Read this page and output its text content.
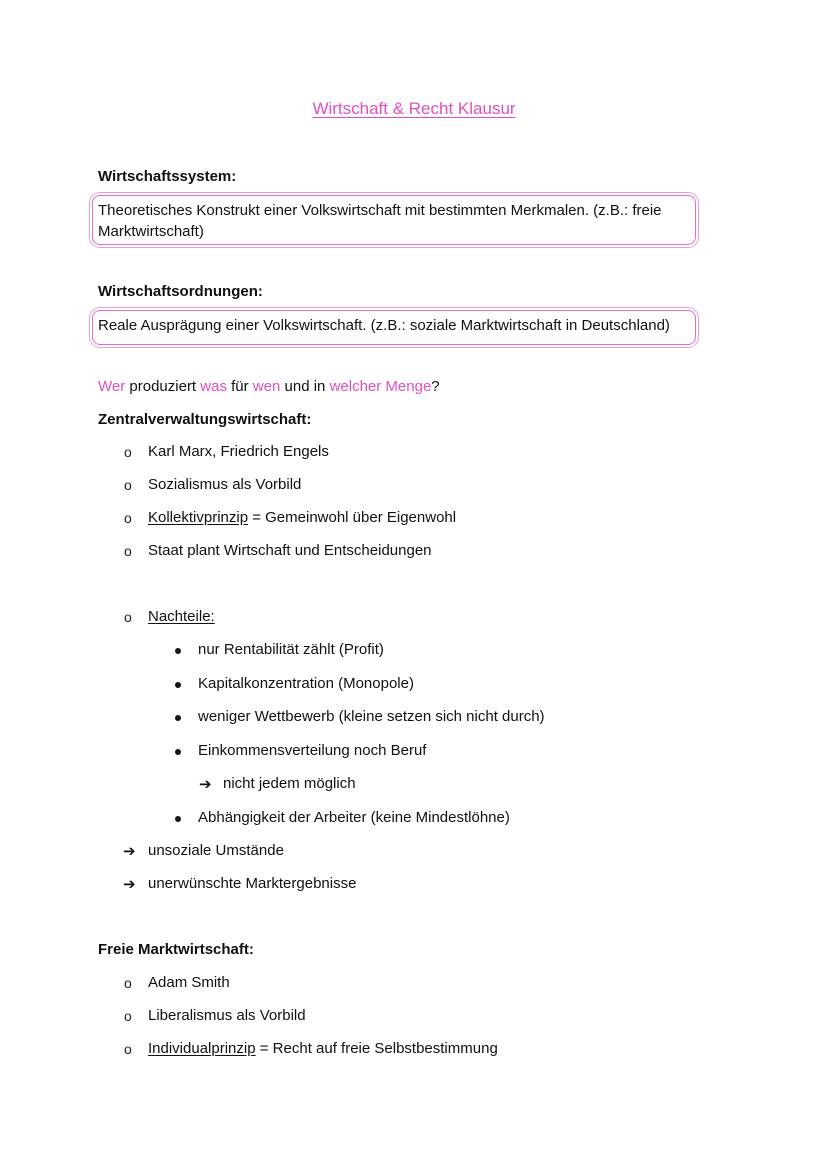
Wirtschaft & Recht Klausur
Wirtschaftssystem:
Theoretisches Konstrukt einer Volkswirtschaft mit bestimmten Merkmalen. (z.B.: freie
Marktwirtschaft)
Wirtschaftsordnungen:
Reale Ausprägung einer Volkswirtschaft. (z.B.: soziale Marktwirtschaft in Deutschland)
Wer produziert was für wen und in welcher Menge?
Zentralverwaltungswirtschaft:
o Karl Marx, Friedrich Engels
o Sozialismus als Vorbild
o Kollektivprinzip = Gemeinwohl über Eigenwohl
o Staat plant Wirtschaft und Entscheidungen
o Nachteile:
nur Rentabilität zählt (Profit)
Kapitalkonzentration (Monopole)
weniger Wettbewerb (kleine setzen sich nicht durch)
Einkommensverteilung noch Beruf
➔ nicht jedem möglich
Abhängigkeit der Arbeiter (keine Mindestlöhne)
➔ unsoziale Umstände
➔ unerwünschte Marktergebnisse
Freie Marktwirtschaft:
o Adam Smith
o Liberalismus als Vorbild
o Individualprinzip = Recht auf freie Selbstbestimmung
